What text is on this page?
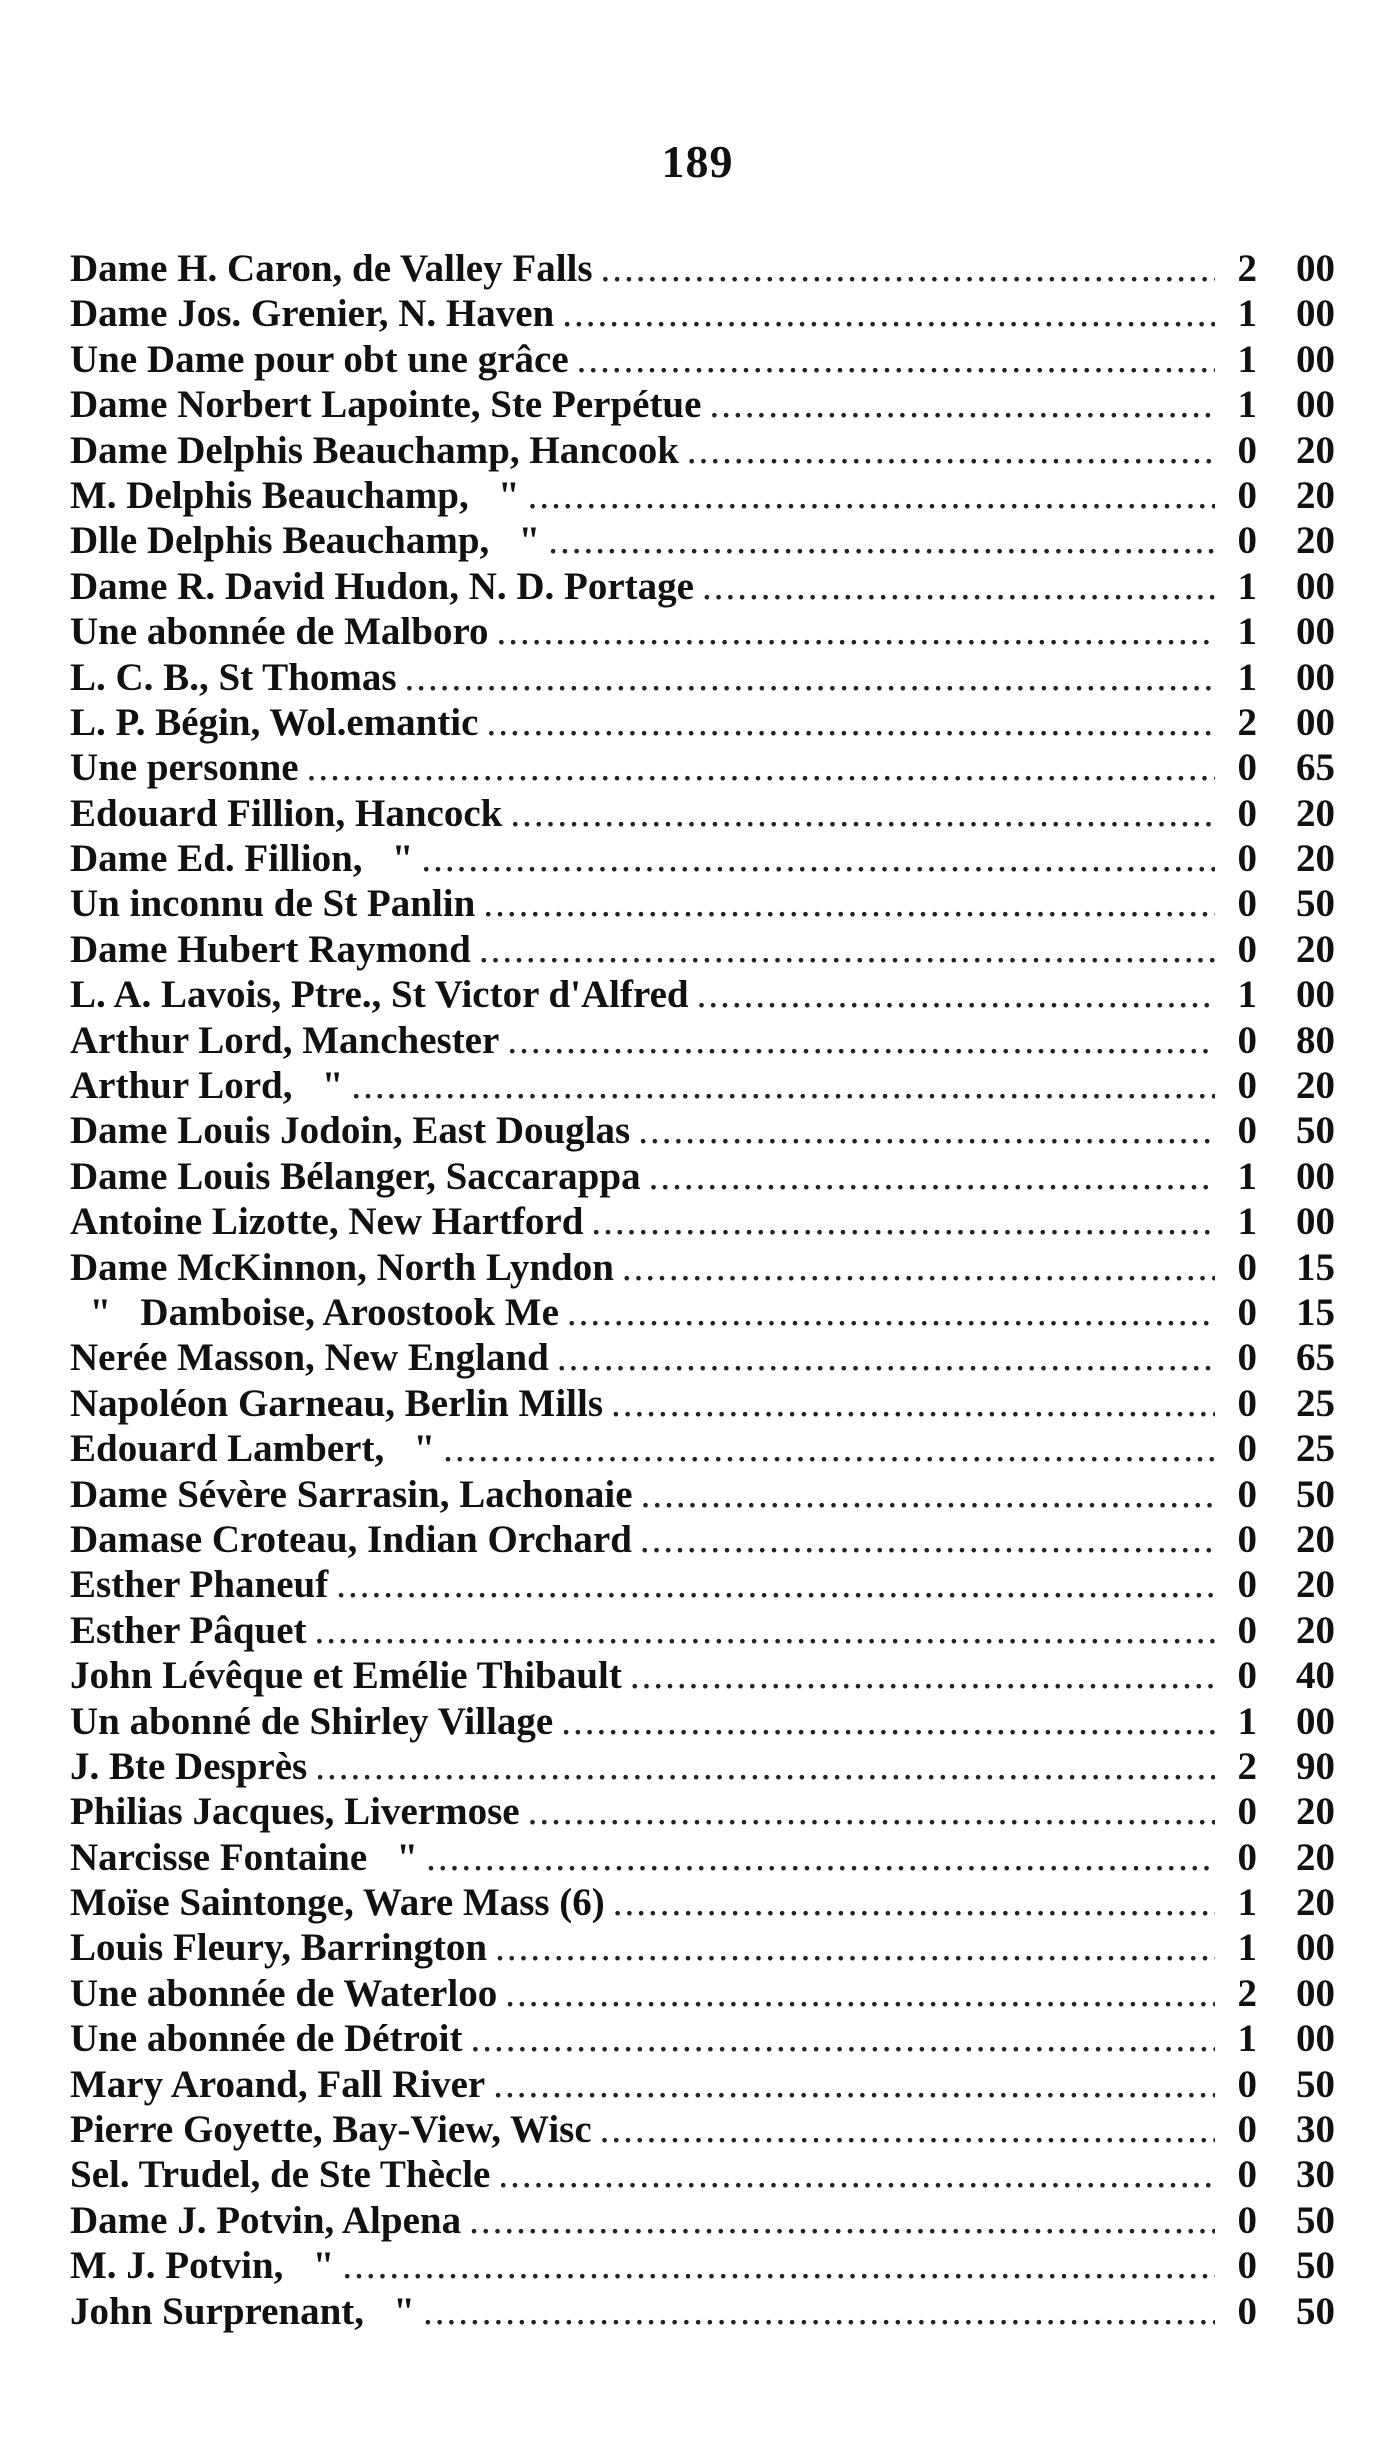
189
Dame H. Caron, de Valley Falls .....	2	00
Dame Jos. Grenier, N. Haven .....	1	00
Une Dame pour obt une grâce .....	1	00
Dame Norbert Lapointe, Ste Perpétue .....	1	00
Dame Delphis Beauchamp, Hancook .....	0	20
M. Delphis Beauchamp,   " .....	0	20
Dlle Delphis Beauchamp,   " .....	0	20
Dame R. David Hudon, N. D. Portage .....	1	00
Une abonnée de Malboro .....	1	00
L. C. B., St Thomas .....	1	00
L. P. Bégin, Wol.emantic .....	2	00
Une personne .....	0	65
Edouard Fillion, Hancock .....	0	20
Dame Ed. Fillion,   " .....	0	20
Un inconnu de St Panlin .....	0	50
Dame Hubert Raymond .....	0	20
L. A. Lavois, Ptre., St Victor d'Alfred .....	1	00
Arthur Lord, Manchester .....	0	80
Arthur Lord,   " .....	0	20
Dame Louis Jodoin, East Douglas .....	0	50
Dame Louis Bélanger, Saccarappa .....	1	00
Antoine Lizotte, New Hartford .....	1	00
Dame McKinnon, North Lyndon .....	0	15
"   Damboise, Aroostook Me .....	0	15
Nerée Masson, New England .....	0	65
Napoléon Garneau, Berlin Mills .....	0	25
Edouard Lambert,   " .....	0	25
Dame Sévère Sarrasin, Lachonaie .....	0	50
Damase Croteau, Indian Orchard .....	0	20
Esther Phaneuf .....	0	20
Esther Pâquet .....	0	20
John Lévêque et Emélie Thibault .....	0	40
Un abonné de Shirley Village .....	1	00
J. Bte Desprès .....	2	90
Philias Jacques, Livermose .....	0	20
Narcisse Fontaine   " .....	0	20
Moïse Saintonge, Ware Mass (6) .....	1	20
Louis Fleury, Barrington .....	1	00
Une abonnée de Waterloo .....	2	00
Une abonnée de Détroit .....	1	00
Mary Aroand, Fall River .....	0	50
Pierre Goyette, Bay-View, Wisc .....	0	30
Sel. Trudel, de Ste Thècle .....	0	30
Dame J. Potvin, Alpena .....	0	50
M. J. Potvin,   " .....	0	50
John Surprenant,   " .....	0	50
